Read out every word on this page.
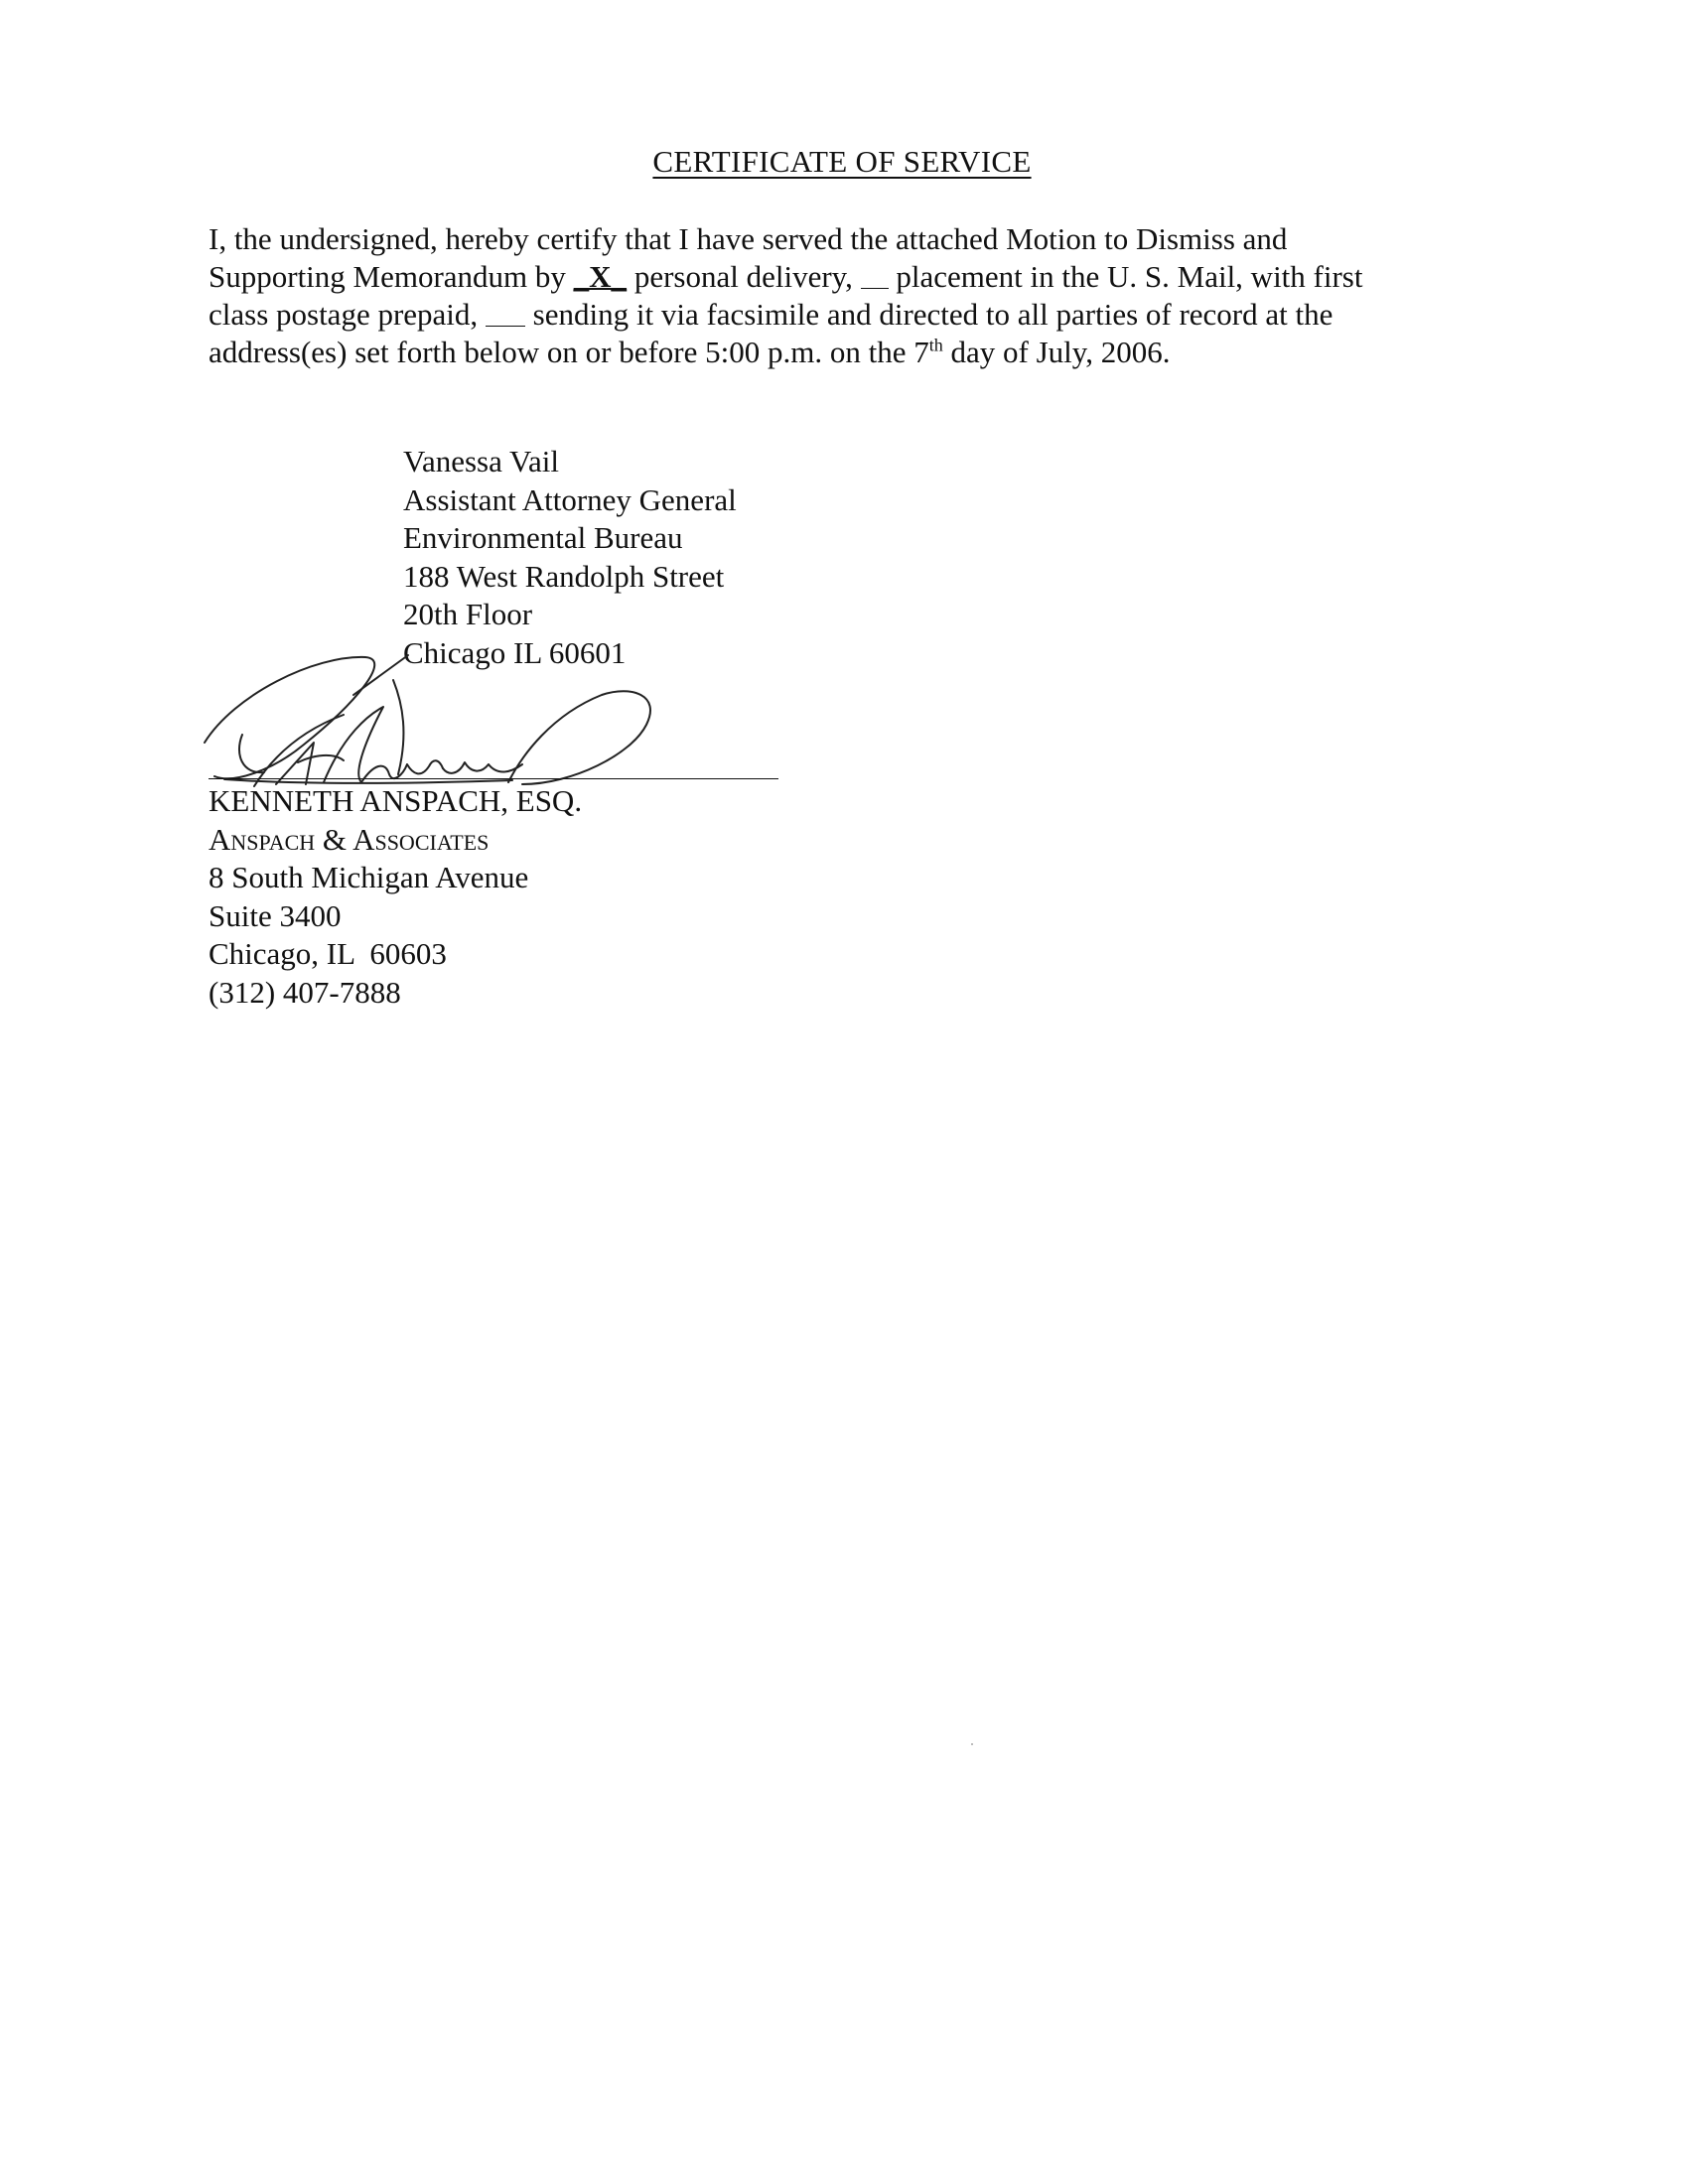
CERTIFICATE OF SERVICE
I, the undersigned, hereby certify that I have served the attached Motion to Dismiss and
Supporting Memorandum by _X_ personal delivery,  placement in the U. S. Mail, with first
class postage prepaid,  sending it via facsimile and directed to all parties of record at the
address(es) set forth below on or before 5:00 p.m. on the 7th day of July, 2006.
Vanessa Vail
Assistant Attorney General
Environmental Bureau
188 West Randolph Street
20th Floor
Chicago IL 60601
KENNETH ANSPACH, ESQ.
Anspach & Associates
8 South Michigan Avenue
Suite 3400
Chicago, IL  60603
(312) 407-7888
